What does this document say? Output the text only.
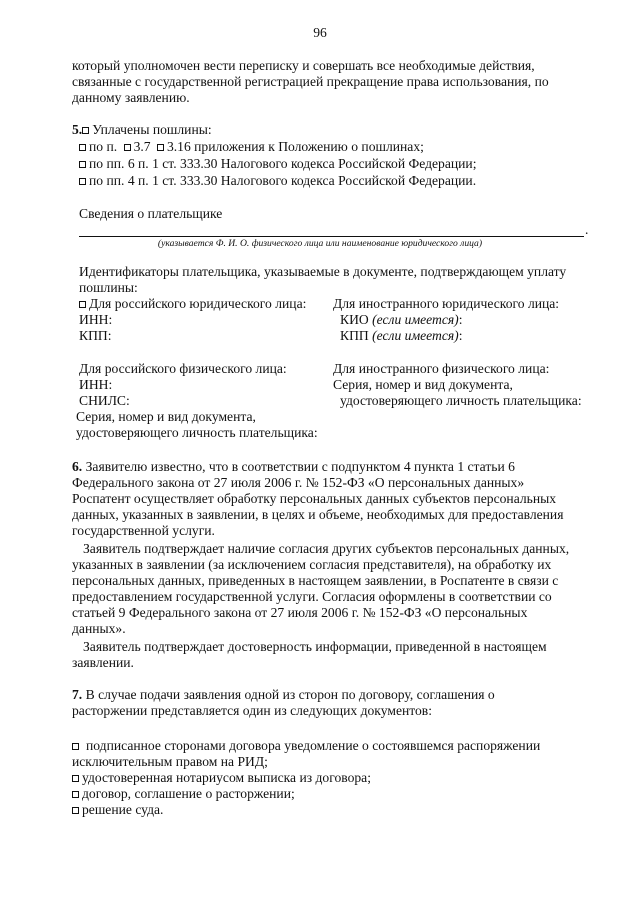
96
который уполномочен вести переписку и совершать все необходимые действия,
связанные с государственной регистрацией прекращение права использования, по
данному заявлению.
5. Уплачены пошлины:
по п. 3.7 3.16 приложения к Положению о пошлинах;
по пп. 6 п. 1 ст. 333.30 Налогового кодекса Российской Федерации;
по пп. 4 п. 1 ст. 333.30 Налогового кодекса Российской Федерации.
Сведения о плательщике
.
(указывается Ф. И. О. физического лица или наименование юридического лица)
Идентификаторы плательщика, указываемые в документе, подтверждающем уплату
пошлины:
Для российского юридического лица:
ИНН:
КПП:
Для иностранного юридического лица:
КИО (если имеется):
КПП (если имеется):
Для российского физического лица:
ИНН:
СНИЛС:
Серия, номер и вид документа,
удостоверяющего личность плательщика:
Для иностранного физического лица:
Серия, номер и вид документа,
удостоверяющего личность плательщика:
6. Заявителю известно, что в соответствии с подпунктом 4 пункта 1 статьи 6
Федерального закона от 27 июля 2006 г. № 152-ФЗ «О персональных данных»
Роспатент осуществляет обработку персональных данных субъектов персональных
данных, указанных в заявлении, в целях и объеме, необходимых для предоставления
государственной услуги.
Заявитель подтверждает наличие согласия других субъектов персональных данных,
указанных в заявлении (за исключением согласия представителя), на обработку их
персональных данных, приведенных в настоящем заявлении, в Роспатенте в связи с
предоставлением государственной услуги. Согласия оформлены в соответствии со
статьей 9 Федерального закона от 27 июля 2006 г. № 152-ФЗ «О персональных
данных».
Заявитель подтверждает достоверность информации, приведенной в настоящем
заявлении.
7. В случае подачи заявления одной из сторон по договору, соглашения о
расторжении представляется один из следующих документов:
подписанное сторонами договора уведомление о состоявшемся распоряжении
исключительным правом на РИД;
удостоверенная нотариусом выписка из договора;
договор, соглашение о расторжении;
решение суда.
